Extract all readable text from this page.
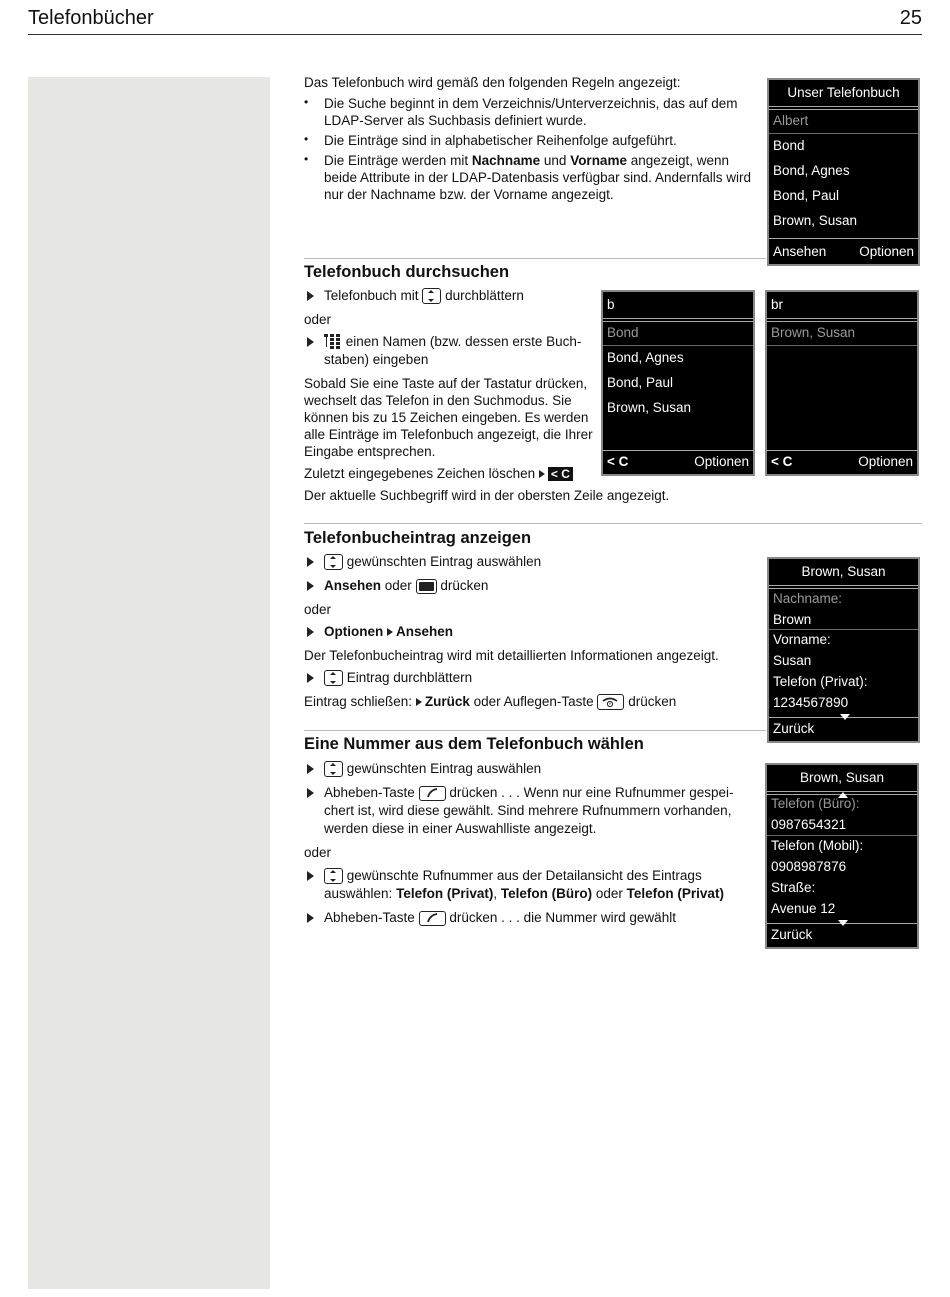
Telefonbücher	25
Das Telefonbuch wird gemäß den folgenden Regeln angezeigt:
• Die Suche beginnt in dem Verzeichnis/Unterverzeichnis, das auf dem
LDAP-Server als Suchbasis definiert wurde.
• Die Einträge sind in alphabetischer Reihenfolge aufgeführt.
• Die Einträge werden mit Nachname und Vorname angezeigt, wenn
beide Attribute in der LDAP-Datenbasis verfügbar sind. Andernfalls wird
nur der Nachname bzw. der Vorname angezeigt.
Unser Telefonbuch
Albert
Bond
Bond, Agnes
Bond, Paul
Brown, Susan
Ansehen Optionen
Telefonbuch durchsuchen
Telefonbuch mit durchblättern
oder
einen Namen (bzw. dessen erste Buch-
staben) eingeben
Sobald Sie eine Taste auf der Tastatur drücken,
wechselt das Telefon in den Suchmodus. Sie
können bis zu 15 Zeichen eingeben. Es werden
alle Einträge im Telefonbuch angezeigt, die Ihrer
Eingabe entsprechen.
Zuletzt eingegebenes Zeichen löschen < C
Der aktuelle Suchbegriff wird in der obersten Zeile angezeigt.
b
Bond
Bond, Agnes
Bond, Paul
Brown, Susan
< C	Optionen
br
Brown, Susan
< C	Optionen
Telefonbucheintrag anzeigen
gewünschten Eintrag auswählen
Ansehen oder drücken
oder
Optionen Ansehen
Der Telefonbucheintrag wird mit detaillierten Informationen angezeigt.
Eintrag durchblättern
Eintrag schließen: Zurück oder Auflegen-Taste	drücken
Brown, Susan
Nachname:
Brown
Vorname:
Susan
Telefon (Privat):
1234567890
Zurück
Eine Nummer aus dem Telefonbuch wählen
gewünschten Eintrag auswählen
Abheben-Taste	drücken . . . Wenn nur eine Rufnummer gespei-
chert ist, wird diese gewählt. Sind mehrere Rufnummern vorhanden,
werden diese in einer Auswahlliste angezeigt.
oder
gewünschte Rufnummer aus der Detailansicht des Eintrags
auswählen: Telefon (Privat), Telefon (Büro) oder Telefon (Privat)
Abheben-Taste	drücken . . . die Nummer wird gewählt
Brown, Susan
Telefon (Büro):
0987654321
Telefon (Mobil):
0908987876
Straße:
Avenue 12
Zurück
